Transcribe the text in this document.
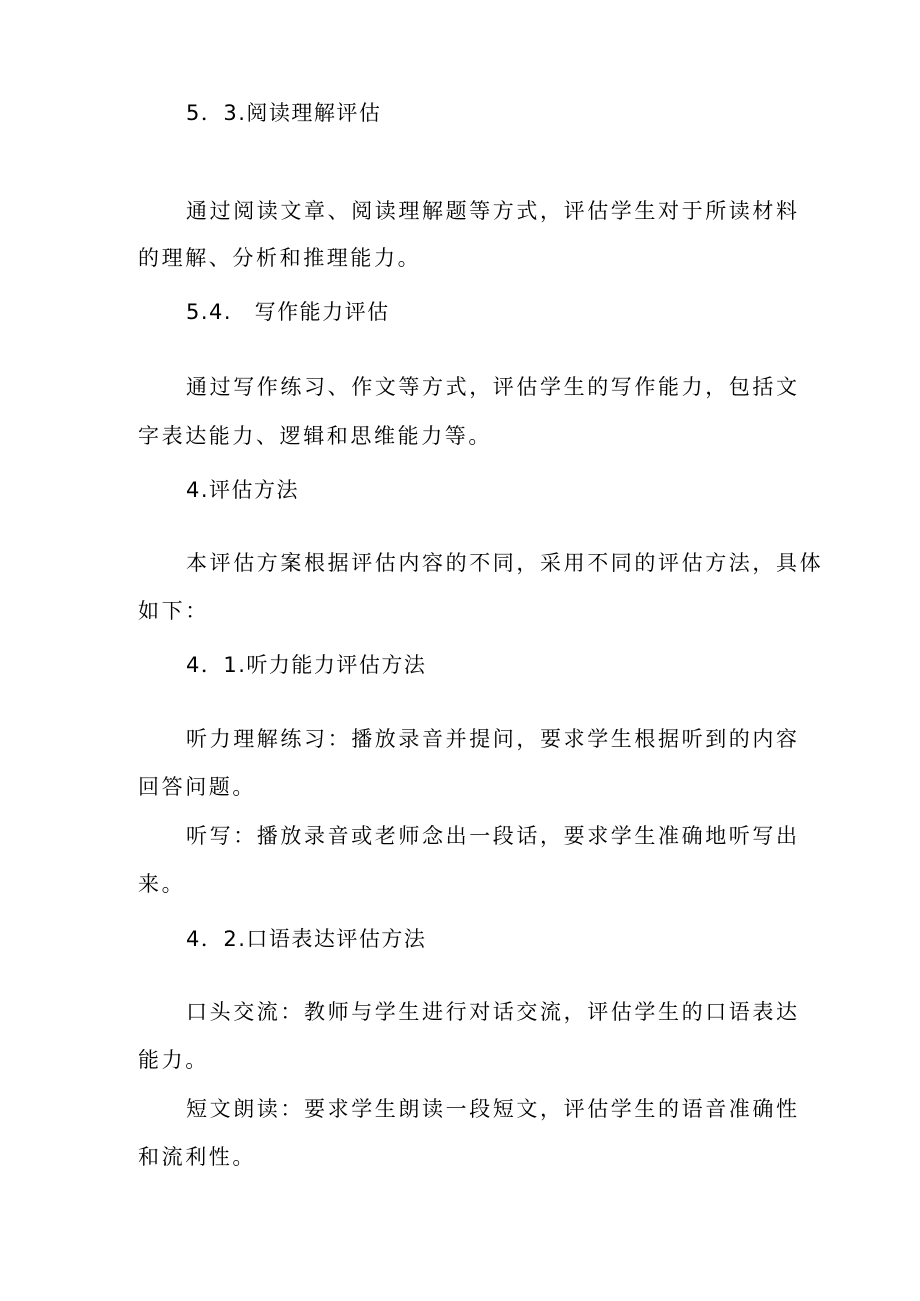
5．3.阅读理解评估
通过阅读文章、阅读理解题等方式，评估学生对于所读材料
的理解、分析和推理能力。
5.4.　写作能力评估
通过写作练习、作文等方式，评估学生的写作能力，包括文
字表达能力、逻辑和思维能力等。
4.评估方法
本评估方案根据评估内容的不同，采用不同的评估方法，具体
如下：
4．1.听力能力评估方法
听力理解练习：播放录音并提问，要求学生根据听到的内容
回答问题。
听写：播放录音或老师念出一段话，要求学生准确地听写出
来。
4．2.口语表达评估方法
口头交流：教师与学生进行对话交流，评估学生的口语表达
能力。
短文朗读：要求学生朗读一段短文，评估学生的语音准确性
和流利性。
